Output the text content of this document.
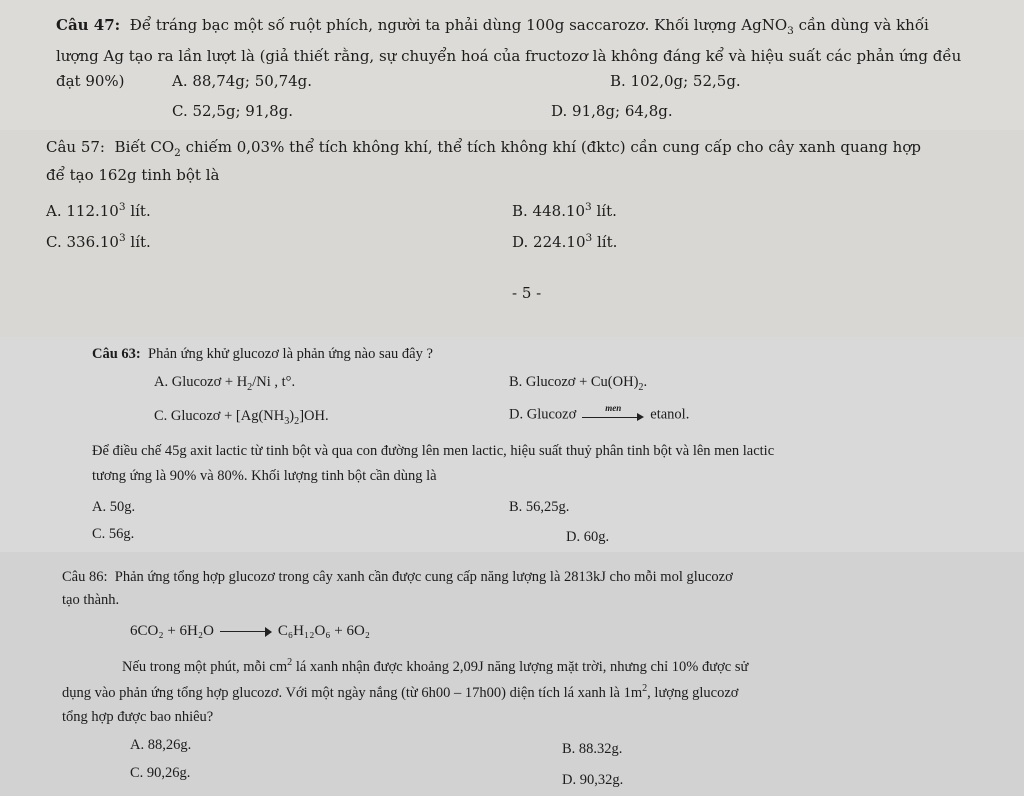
Câu 47: Để tráng bạc một số ruột phích, người ta phải dùng 100g saccarozơ. Khối lượng AgNO$_3$ cần dùng và khối
lượng Ag tạo ra lần lượt là (giả thiết rằng, sự chuyển hoá của fructozơ là không đáng kể và hiệu suất các phản ứng đều
đạt 90%)	A. 88,74g; 50,74g.	B. 102,0g; 52,5g.
C. 52,5g; 91,8g.	D. 91,8g; 64,8g.
Câu 57: Biết $CO_2$ chiếm 0,03% thể tích không khí, thể tích không khí (đktc) cần cung cấp cho cây xanh quang hợp
để tạo 162g tinh bột là
A. 112.10$^3$ lít.	B. 448.10$^3$ lít.
C. 336.10$^3$ lít.	D. 224.10$^3$ lít.
- 5 -
Câu 63: Phản ứng khử glucozơ là phản ứng nào sau đây ?
A. Glucozơ + $H_2/Ni$ , t°.	B. Glucozơ + $Cu(OH)_2$.
C. Glucozơ + $[Ag(NH_3)_2]OH$.	D. Glucozơ	men	etanol.
Để điều chế 45g axit lactic từ tinh bột và qua con đường lên men lactic, hiệu suất thuỷ phân tinh bột và lên men lactic
tương ứng là 90% và 80%. Khối lượng tinh bột cần dùng là
A. 50g.	B. 56,25g.
C. 56g.	D. 60g.
Câu 86: Phản ứng tổng hợp glucozơ trong cây xanh cần được cung cấp năng lượng là 2813kJ cho mỗi mol glucozơ
tạo thành.
6CO₂ + 6H₂O	C₆H₁₂O₆ + 6O₂
Nếu trong một phút, mỗi $cm^2$ lá xanh nhận được khoảng 2,09J năng lượng mặt trời, nhưng chỉ 10% được sử
dụng vào phản ứng tổng hợp glucozơ. Với một ngày nắng (từ 6h00 – 17h00) diện tích lá xanh là $1m^2$, lượng glucozơ
tổng hợp được bao nhiêu?
A. 88,26g.	B. 88.32g.
C. 90,26g.	D. 90,32g.
